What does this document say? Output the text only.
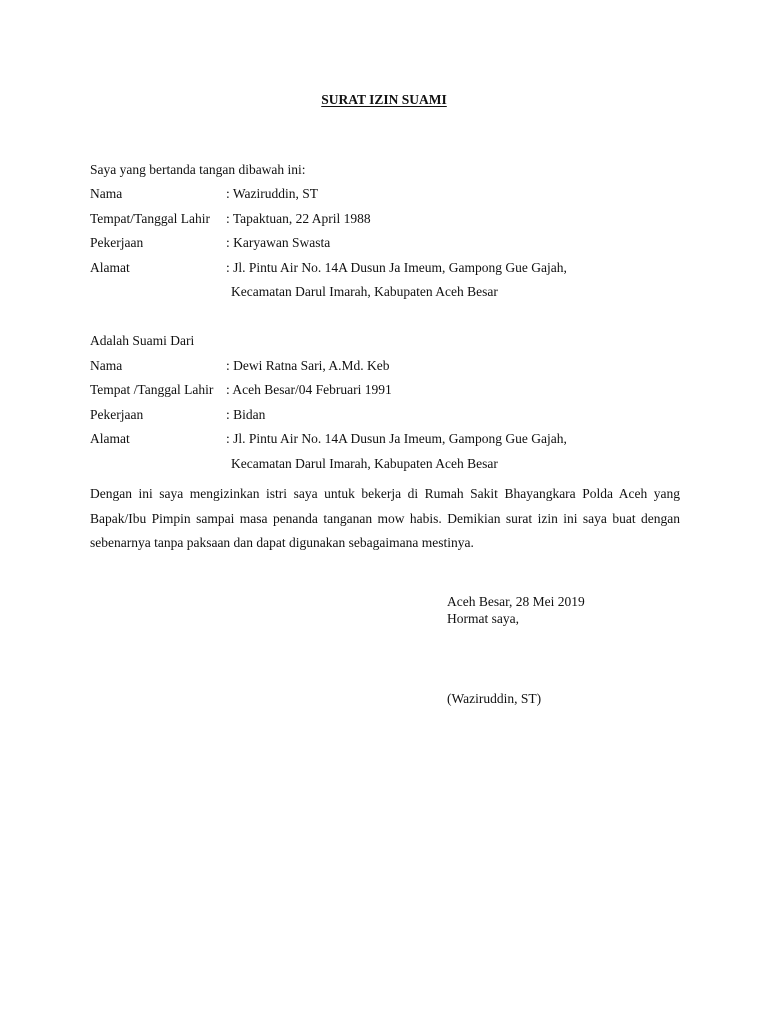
SURAT IZIN SUAMI
Saya yang bertanda tangan dibawah ini:
Nama	: Waziruddin, ST
Tempat/Tanggal Lahir : Tapaktuan, 22 April 1988
Pekerjaan	: Karyawan Swasta
Alamat	: Jl. Pintu Air No. 14A Dusun Ja Imeum, Gampong Gue Gajah,
Kecamatan Darul Imarah, Kabupaten Aceh Besar
Adalah Suami Dari
Nama	: Dewi Ratna Sari, A.Md. Keb
Tempat /Tanggal Lahir : Aceh Besar/04 Februari 1991
Pekerjaan	: Bidan
Alamat	: Jl. Pintu Air No. 14A Dusun Ja Imeum, Gampong Gue Gajah,
Kecamatan Darul Imarah, Kabupaten Aceh Besar
Dengan ini saya mengizinkan istri saya untuk bekerja di Rumah Sakit Bhayangkara Polda Aceh yang Bapak/Ibu Pimpin sampai masa penanda tanganan mow habis. Demikian surat izin ini saya buat dengan sebenarnya tanpa paksaan dan dapat digunakan sebagaimana mestinya.
Aceh Besar, 28 Mei 2019
Hormat saya,
(Waziruddin, ST)
